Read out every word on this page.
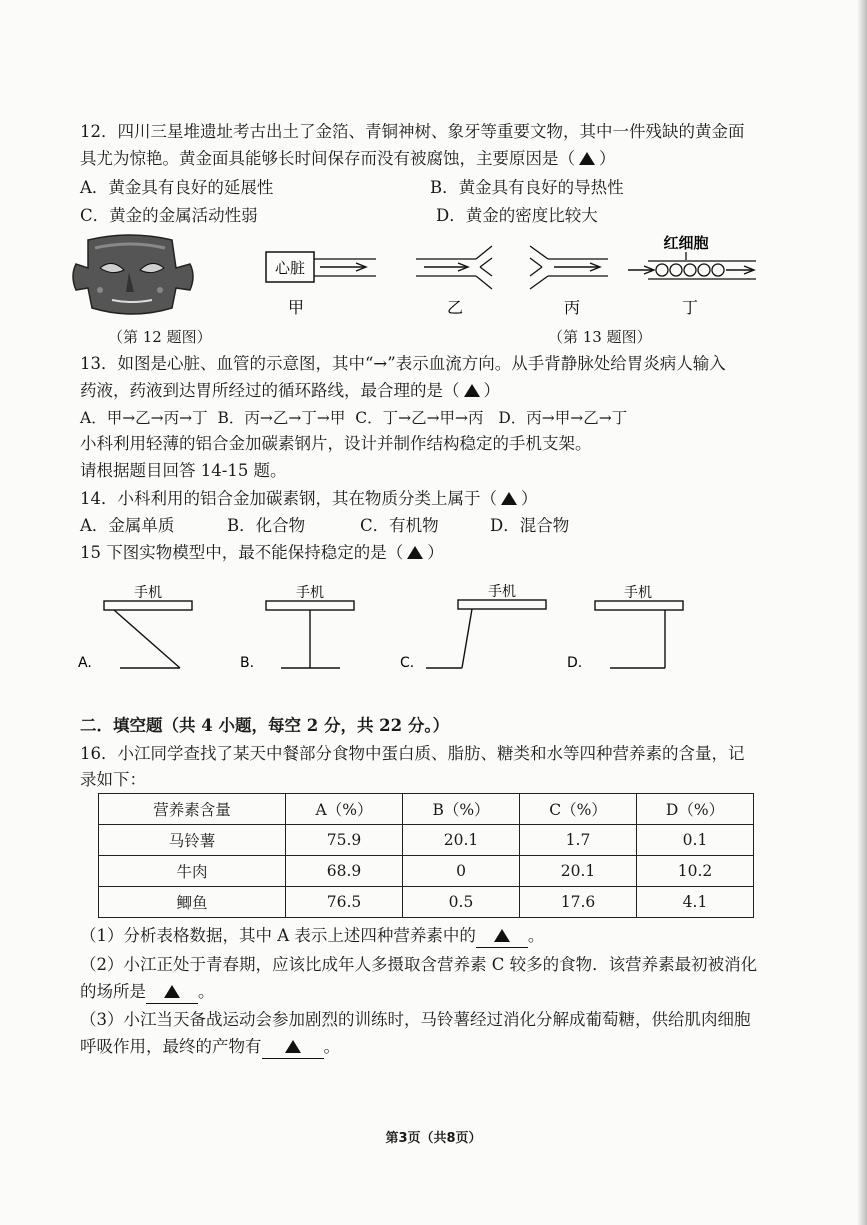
12．四川三星堆遗址考古出土了金箔、青铜神树、象牙等重要文物，其中一件残缺的黄金面
具尤为惊艳。黄金面具能够长时间保存而没有被腐蚀，主要原因是（ ）
A．黄金具有良好的延展性	B．黄金具有良好的导热性
C．黄金的金属活动性弱	D．黄金的密度比较大
心脏
甲	乙	丙
红细胞
丁
（第 12 题图）	（第 13 题图）
13．如图是心脏、血管的示意图，其中“→”表示血流方向。从手背静脉处给胃炎病人输入
药液，药液到达胃所经过的循环路线，最合理的是（ ）
A．甲→乙→丙→丁  B．丙→乙→丁→甲  C．丁→乙→甲→丙   D．丙→甲→乙→丁
小科利用轻薄的铝合金加碳素钢片，设计并制作结构稳定的手机支架。
请根据题目回答 14-15 题。
14．小科利用的铝合金加碳素钢，其在物质分类上属于（ ）
A．金属单质	B．化合物	C．有机物	D．混合物
15 下图实物模型中，最不能保持稳定的是（ ）
手机
A.
手机
B.
手机
C.
手机
D.
二．填空题（共 4 小题，每空 2 分，共 22 分。）
16．小江同学查找了某天中餐部分食物中蛋白质、脂肪、糖类和水等四种营养素的含量，记
录如下：
营养素含量	A（%）	B（%）	C（%）	D（%）
马铃薯	75.9	20.1	1.7	0.1
牛肉	68.9	0	20.1	10.2
鲫鱼	76.5	0.5	17.6	4.1
（1）分析表格数据，其中 A 表示上述四种营养素中的	。
（2）小江正处于青春期，应该比成年人多摄取含营养素 C 较多的食物．该营养素最初被消化
的场所是	。
（3）小江当天备战运动会参加剧烈的训练时，马铃薯经过消化分解成葡萄糖，供给肌肉细胞
呼吸作用，最终的产物有	。
第3页（共8页）
